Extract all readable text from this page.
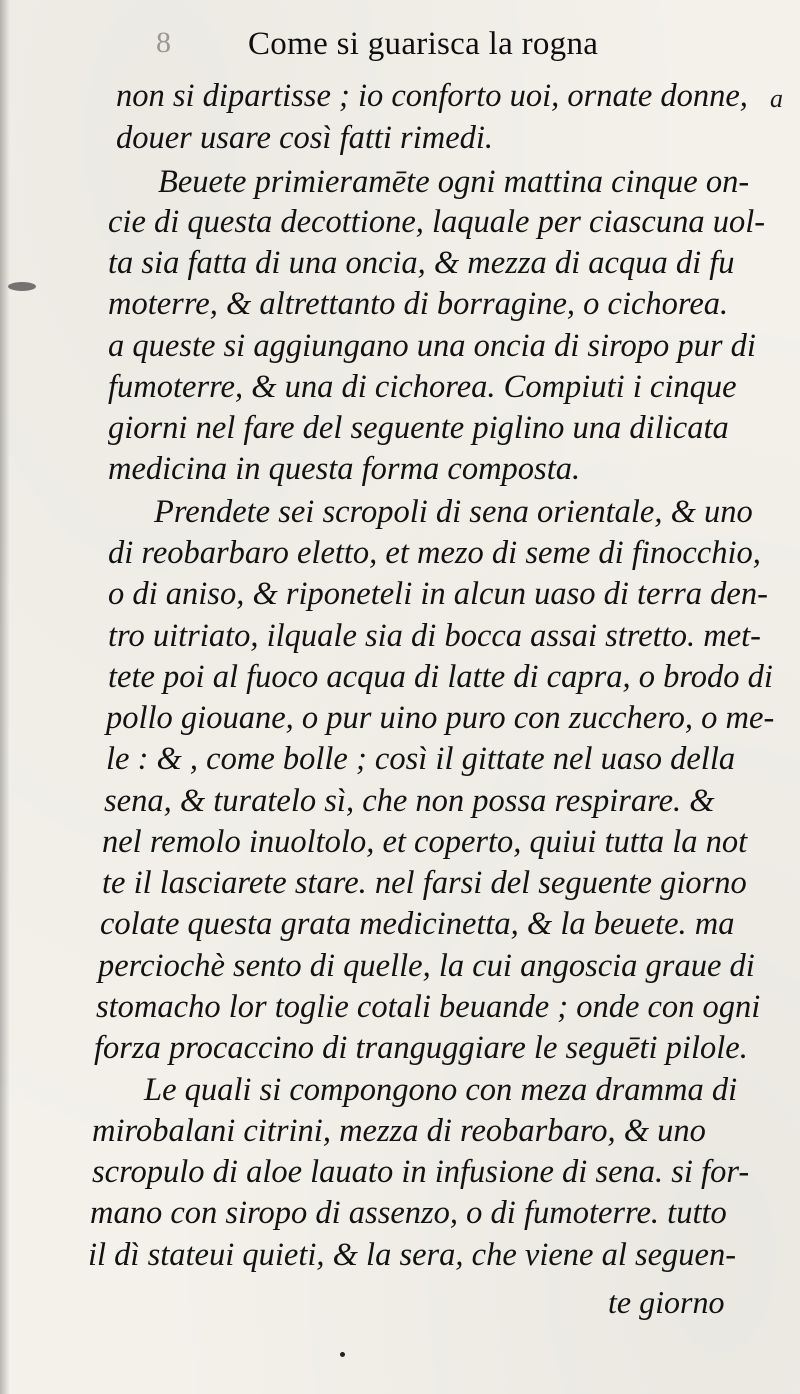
8 Come si guarisca la rogna
a
non si dipartisse ; io conforto uoi, ornate donne,
douer usare così fatti rimedi.
Beuete primieramēte ogni mattina cinque on-
cie di questa decottione, laquale per ciascuna uol-
ta sia fatta di una oncia, & mezza di acqua di fu
moterre, & altrettanto di borragine, o cichorea.
a queste si aggiungano una oncia di siropo pur di
fumoterre, & una di cichorea. Compiuti i cinque
giorni nel fare del seguente piglino una dilicata
medicina in questa forma composta.
Prendete sei scropoli di sena orientale, & uno
di reobarbaro eletto, et mezo di seme di finocchio,
o di aniso, & riponeteli in alcun uaso di terra den-
tro uitriato, ilquale sia di bocca assai stretto. met-
tete poi al fuoco acqua di latte di capra, o brodo di
pollo giouane, o pur uino puro con zucchero, o me-
le : & , come bolle ; così il gittate nel uaso della
sena, & turatelo sì, che non possa respirare. &
nel remolo inuoltolo, et coperto, quiui tutta la not
te il lasciarete stare. nel farsi del seguente giorno
colate questa grata medicinetta, & la beuete. ma
perciochè sento di quelle, la cui angoscia graue di
stomacho lor toglie cotali beuande ; onde con ogni
forza procaccino di tranguggiare le seguēti pilole.
Le quali si compongono con meza dramma di
mirobalani citrini, mezza di reobarbaro, & uno
scropulo di aloe lauato in infusione di sena. si for-
mano con siropo di assenzo, o di fumoterre. tutto
il dì stateui quieti, & la sera, che viene al seguen-
te giorno
